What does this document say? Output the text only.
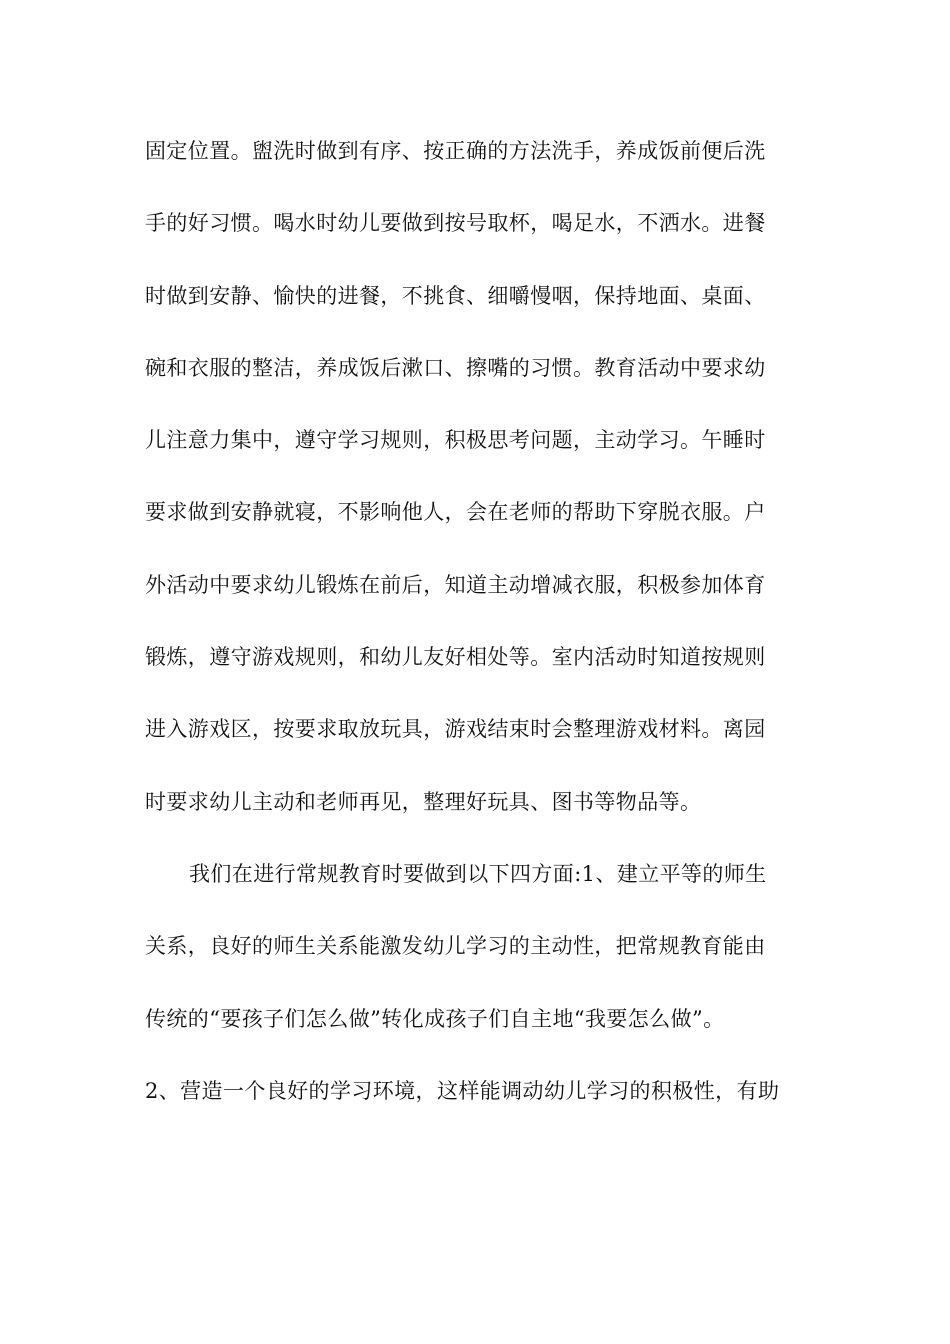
固定位置。盥洗时做到有序、按正确的方法洗手，养成饭前便后洗
手的好习惯。喝水时幼儿要做到按号取杯，喝足水，不洒水。进餐
时做到安静、愉快的进餐，不挑食、细嚼慢咽，保持地面、桌面、
碗和衣服的整洁，养成饭后漱口、擦嘴的习惯。教育活动中要求幼
儿注意力集中，遵守学习规则，积极思考问题，主动学习。午睡时
要求做到安静就寝，不影响他人，会在老师的帮助下穿脱衣服。户
外活动中要求幼儿锻炼在前后，知道主动增减衣服，积极参加体育
锻炼，遵守游戏规则，和幼儿友好相处等。室内活动时知道按规则
进入游戏区，按要求取放玩具，游戏结束时会整理游戏材料。离园
时要求幼儿主动和老师再见，整理好玩具、图书等物品等。
我们在进行常规教育时要做到以下四方面:1、建立平等的师生
关系，良好的师生关系能激发幼儿学习的主动性，把常规教育能由
传统的“要孩子们怎么做”转化成孩子们自主地“我要怎么做”。
2、营造一个良好的学习环境，这样能调动幼儿学习的积极性，有助
